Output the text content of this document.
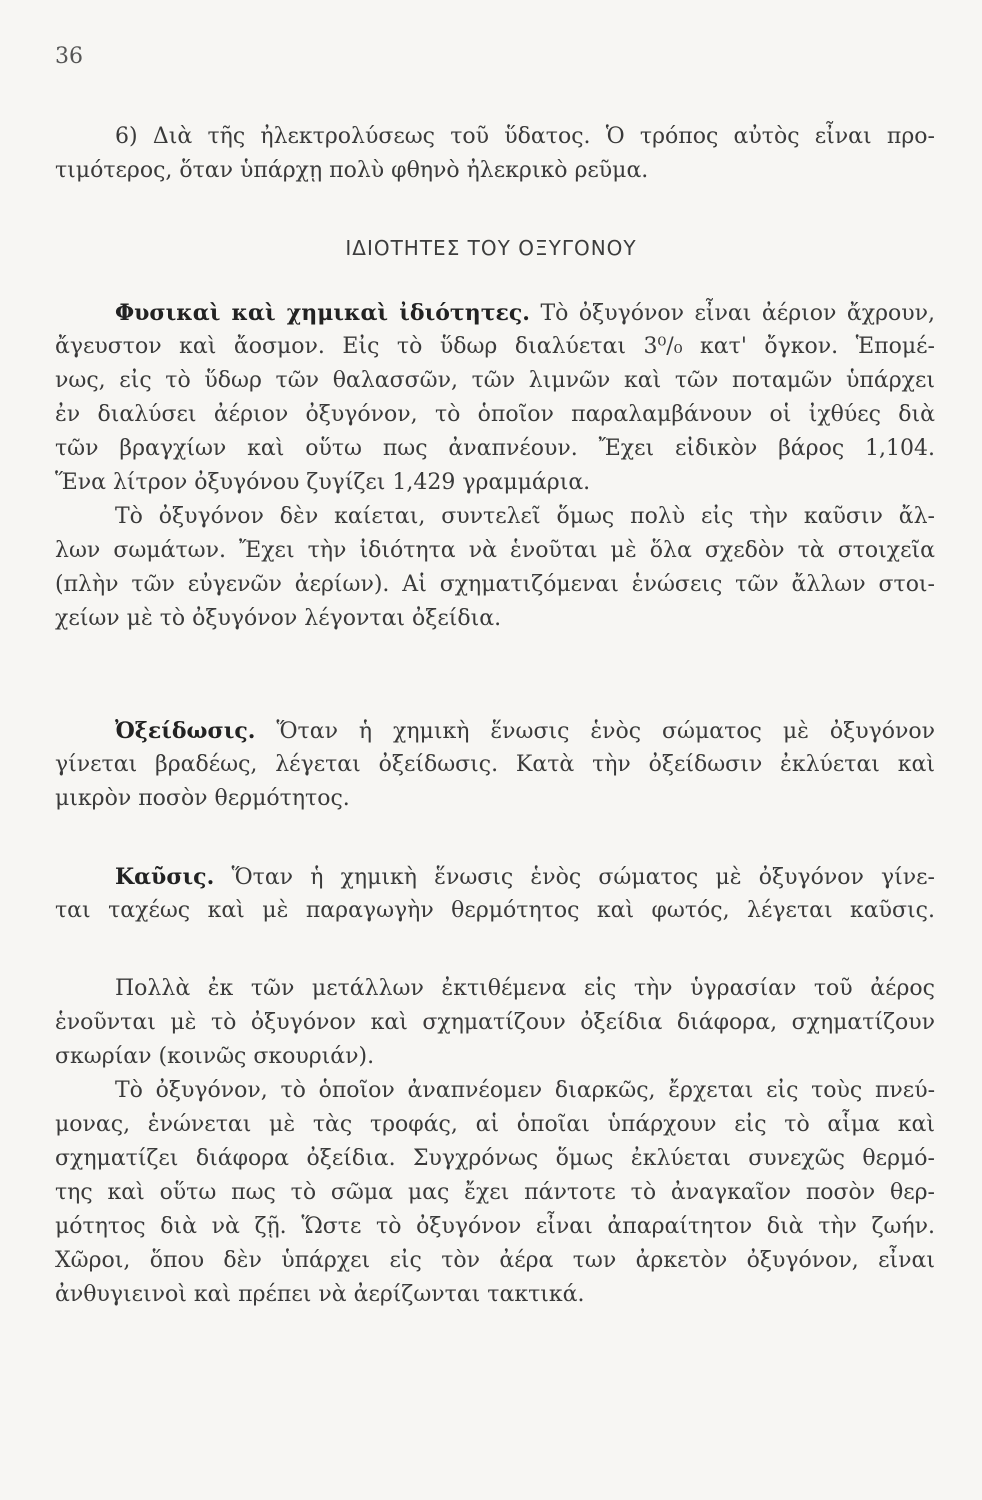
36
6) Διὰ τῆς ἠλεκτρολύσεως τοῦ ὕδατος. Ὁ τρόπος αὐτὸς εἶναι προ-
τιμότερος, ὅταν ὑπάρχῃ πολὺ φθηνὸ ἠλεκρικὸ ρεῦμα.
ΙΔΙΟΤΗΤΕΣ ΤΟΥ ΟΞΥΓΟΝΟΥ
Φυσικαὶ καὶ χημικαὶ ἰδιότητες. Τὸ ὀξυγόνον εἶναι ἀέριον ἄχρουν,
ἄγευστον καὶ ἄοσμον. Εἰς τὸ ὕδωρ διαλύεται 3⁰/₀ κατ' ὄγκον. Ἑπομέ-
νως, εἰς τὸ ὕδωρ τῶν θαλασσῶν, τῶν λιμνῶν καὶ τῶν ποταμῶν ὑπάρχει
ἐν διαλύσει ἀέριον ὀξυγόνον, τὸ ὁποῖον παραλαμβάνουν οἱ ἰχθύες διὰ
τῶν βραγχίων καὶ οὕτω πως ἀναπνέουν. Ἔχει εἰδικὸν βάρος 1,104.
Ἕνα λίτρον ὀξυγόνου ζυγίζει 1,429 γραμμάρια.
Τὸ ὀξυγόνον δὲν καίεται, συντελεῖ ὅμως πολὺ εἰς τὴν καῦσιν ἄλ-
λων σωμάτων. Ἔχει τὴν ἰδιότητα νὰ ἑνοῦται μὲ ὅλα σχεδὸν τὰ στοιχεῖα
(πλὴν τῶν εὐγενῶν ἀερίων). Αἱ σχηματιζόμεναι ἑνώσεις τῶν ἄλλων στοι-
χείων μὲ τὸ ὀξυγόνον λέγονται ὀξείδια.
Ὀξείδωσις. Ὅταν ἡ χημικὴ ἕνωσις ἑνὸς σώματος μὲ ὀξυγόνον
γίνεται βραδέως, λέγεται ὀξείδωσις. Κατὰ τὴν ὀξείδωσιν ἐκλύεται καὶ
μικρὸν ποσὸν θερμότητος.
Καῦσις. Ὅταν ἡ χημικὴ ἕνωσις ἑνὸς σώματος μὲ ὀξυγόνον γίνε-
ται ταχέως καὶ μὲ παραγωγὴν θερμότητος καὶ φωτός, λέγεται καῦσις.
Πολλὰ ἐκ τῶν μετάλλων ἐκτιθέμενα εἰς τὴν ὑγρασίαν τοῦ ἀέρος
ἑνοῦνται μὲ τὸ ὀξυγόνον καὶ σχηματίζουν ὀξείδια διάφορα, σχηματίζουν
σκωρίαν (κοινῶς σκουριάν).
Τὸ ὀξυγόνον, τὸ ὁποῖον ἀναπνέομεν διαρκῶς, ἔρχεται εἰς τοὺς πνεύ-
μονας, ἑνώνεται μὲ τὰς τροφάς, αἱ ὁποῖαι ὑπάρχουν εἰς τὸ αἷμα καὶ
σχηματίζει διάφορα ὀξείδια. Συγχρόνως ὅμως ἐκλύεται συνεχῶς θερμό-
της καὶ οὕτω πως τὸ σῶμα μας ἔχει πάντοτε τὸ ἀναγκαῖον ποσὸν θερ-
μότητος διὰ νὰ ζῇ. Ὥστε τὸ ὀξυγόνον εἶναι ἀπαραίτητον διὰ τὴν ζωήν.
Χῶροι, ὅπου δὲν ὑπάρχει εἰς τὸν ἀέρα των ἀρκετὸν ὀξυγόνον, εἶναι
ἀνθυγιεινοὶ καὶ πρέπει νὰ ἀερίζωνται τακτικά.
